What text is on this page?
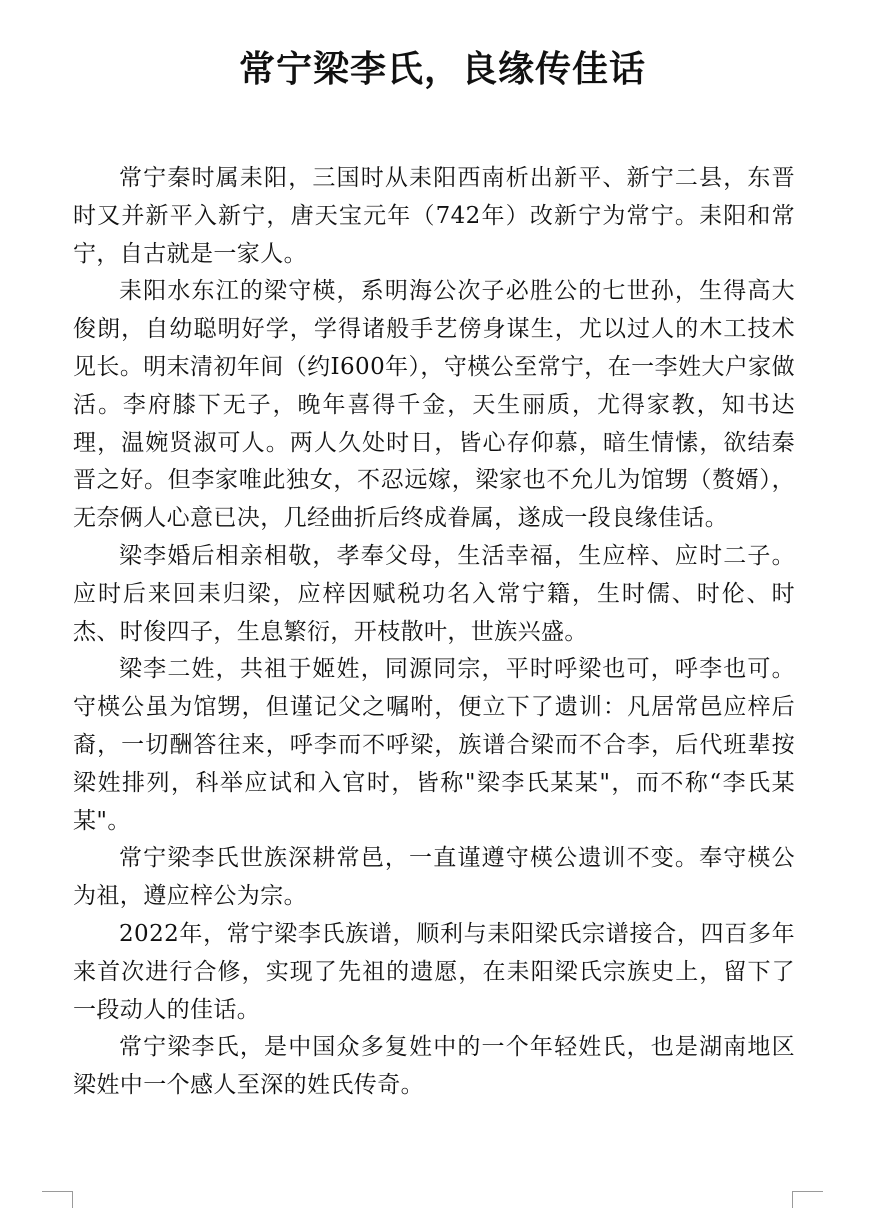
常宁梁李氏，良缘传佳话

常宁秦时属耒阳，三国时从耒阳西南析出新平、新宁二县，东晋时又并新平入新宁，唐天宝元年（742年）改新宁为常宁。耒阳和常宁，自古就是一家人。

耒阳水东江的梁守楧，系明海公次子必胜公的七世孙，生得高大俊朗，自幼聪明好学，学得诸般手艺傍身谋生，尤以过人的木工技术见长。明末清初年间（约I600年），守楧公至常宁，在一李姓大户家做活。李府膝下无子，晚年喜得千金，天生丽质，尤得家教，知书达理，温婉贤淑可人。两人久处时日，皆心存仰慕，暗生情愫，欲结秦晋之好。但李家唯此独女，不忍远嫁，梁家也不允儿为馆甥（赘婿），无奈俩人心意已决，几经曲折后终成眷属，遂成一段良缘佳话。

梁李婚后相亲相敬，孝奉父母，生活幸福，生应梓、应时二子。应时后来回耒归梁，应梓因赋税功名入常宁籍，生时儒、时伦、时杰、时俊四子，生息繁衍，开枝散叶，世族兴盛。

梁李二姓，共祖于姬姓，同源同宗，平时呼梁也可，呼李也可。守楧公虽为馆甥，但谨记父之嘱咐，便立下了遗训：凡居常邑应梓后裔，一切酬答往来，呼李而不呼梁，族谱合梁而不合李，后代班辈按梁姓排列，科举应试和入官时，皆称"梁李氏某某"，而不称“李氏某某"。

常宁梁李氏世族深耕常邑，一直谨遵守楧公遗训不变。奉守楧公为祖，遵应梓公为宗。

2022年，常宁梁李氏族谱，顺利与耒阳梁氏宗谱接合，四百多年来首次进行合修，实现了先祖的遗愿，在耒阳梁氏宗族史上，留下了一段动人的佳话。

常宁梁李氏，是中国众多复姓中的一个年轻姓氏，也是湖南地区梁姓中一个感人至深的姓氏传奇。
